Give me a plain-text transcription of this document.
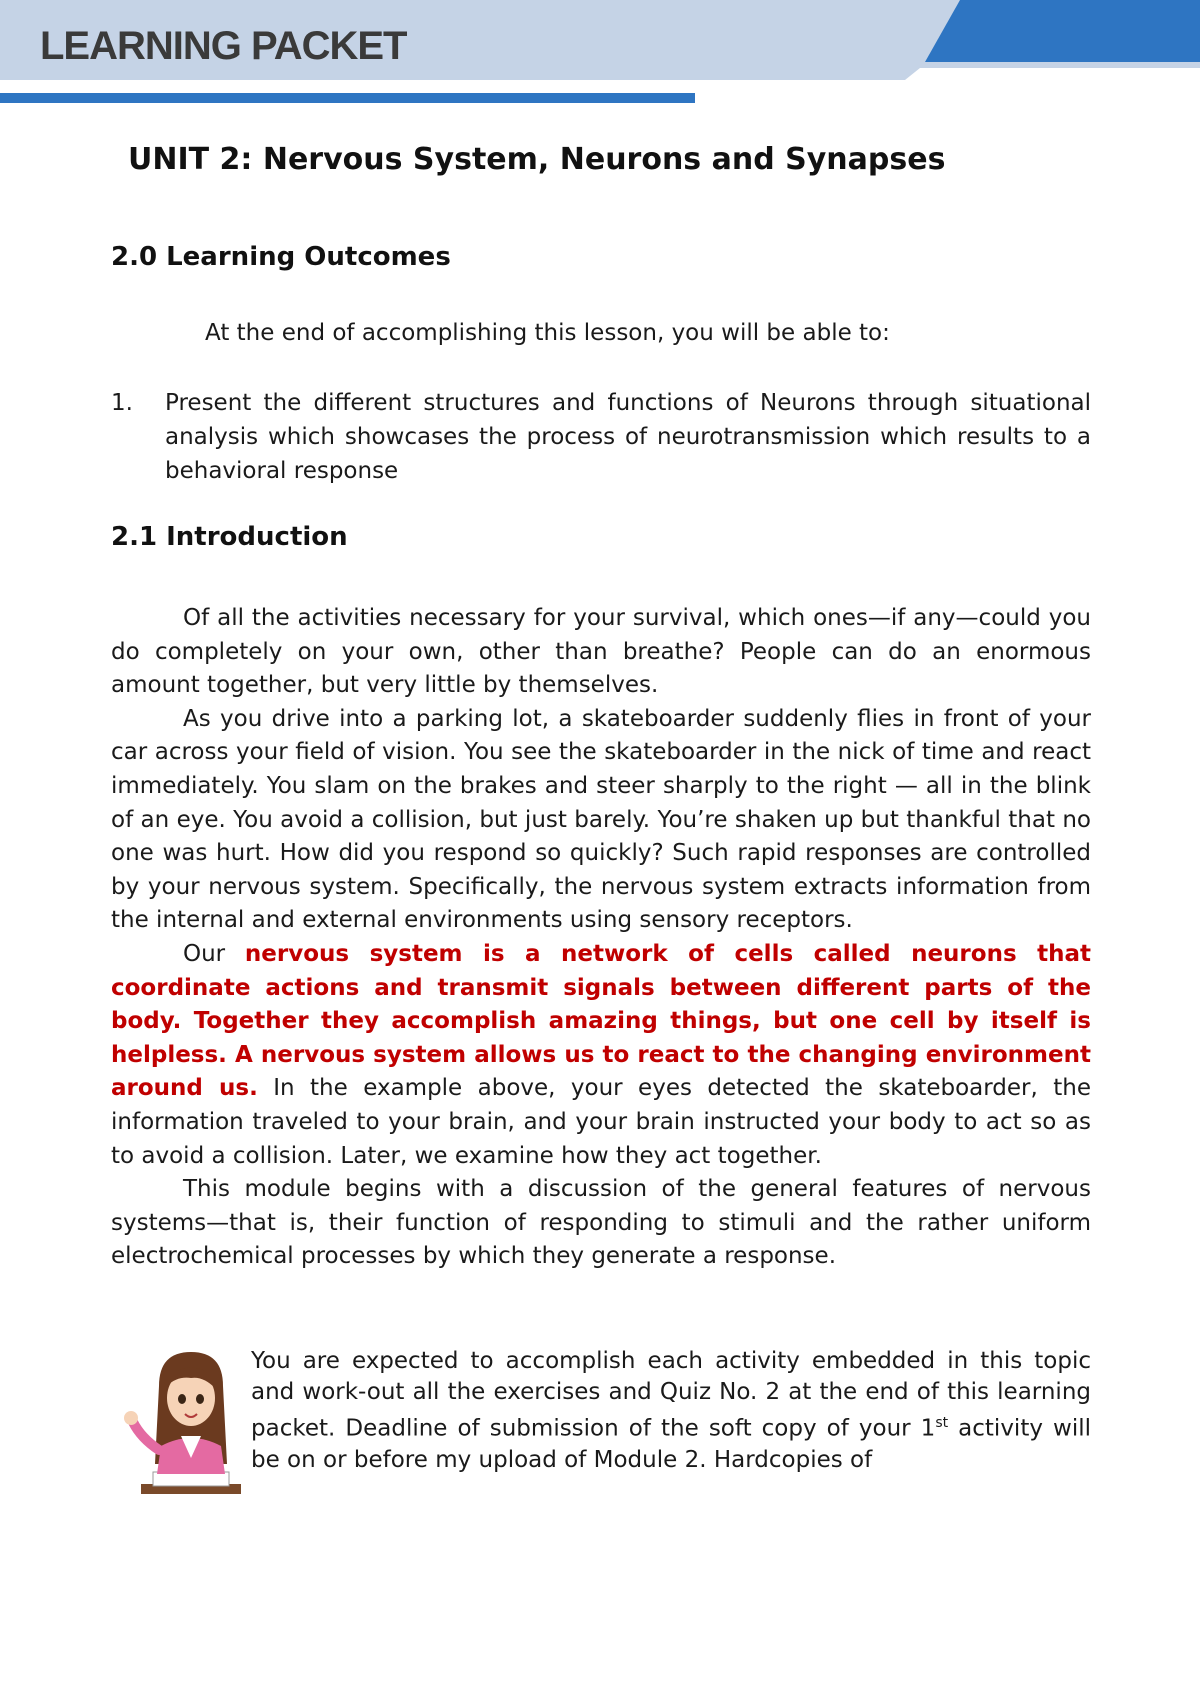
LEARNING PACKET
UNIT 2: Nervous System, Neurons and Synapses
2.0 Learning Outcomes

At the end of accomplishing this lesson, you will be able to:

1. Present the different structures and functions of Neurons through situational analysis which showcases the process of neurotransmission which results to a behavioral response

2.1 Introduction

Of all the activities necessary for your survival, which ones—if any—could you do completely on your own, other than breathe? People can do an enormous amount together, but very little by themselves.

As you drive into a parking lot, a skateboarder suddenly flies in front of your car across your field of vision. You see the skateboarder in the nick of time and react immediately. You slam on the brakes and steer sharply to the right — all in the blink of an eye. You avoid a collision, but just barely. You’re shaken up but thankful that no one was hurt. How did you respond so quickly? Such rapid responses are controlled by your nervous system. Specifically, the nervous system extracts information from the internal and external environments using sensory receptors.

Our nervous system is a network of cells called neurons that coordinate actions and transmit signals between different parts of the body. Together they accomplish amazing things, but one cell by itself is helpless. A nervous system allows us to react to the changing environment around us. In the example above, your eyes detected the skateboarder, the information traveled to your brain, and your brain instructed your body to act so as to avoid a collision. Later, we examine how they act together.

This module begins with a discussion of the general features of nervous systems—that is, their function of responding to stimuli and the rather uniform electrochemical processes by which they generate a response.

You are expected to accomplish each activity embedded in this topic and work-out all the exercises and Quiz No. 2 at the end of this learning packet. Deadline of submission of the soft copy of your 1st activity will be on or before my upload of Module 2. Hardcopies of
